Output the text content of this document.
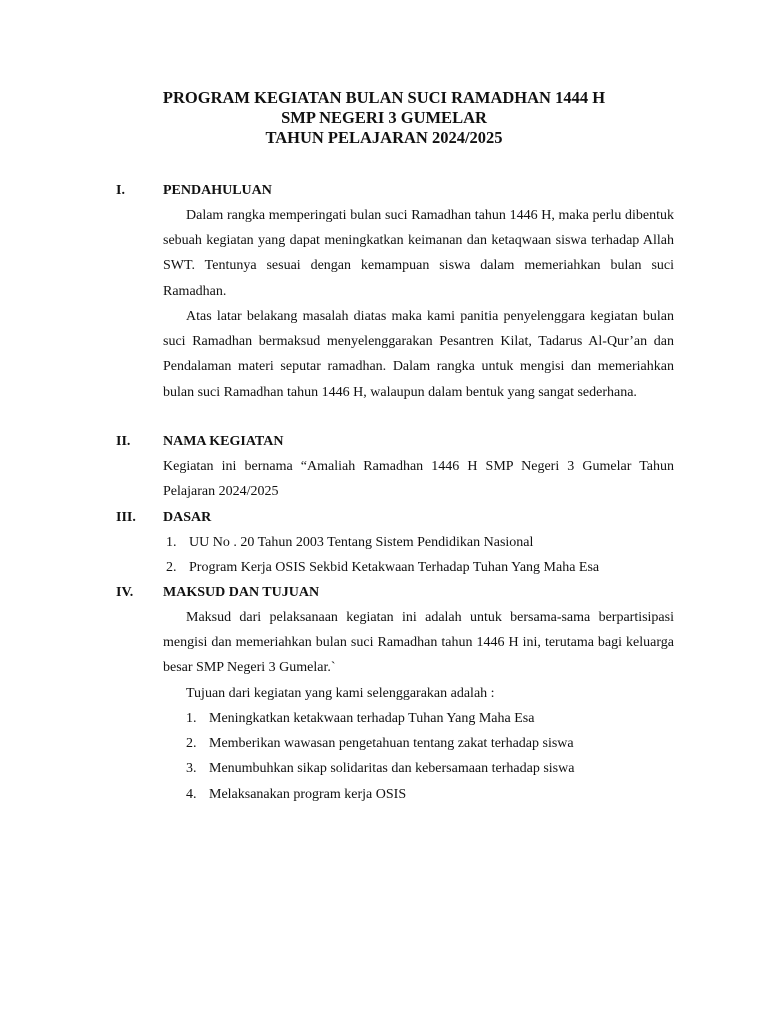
PROGRAM KEGIATAN BULAN SUCI RAMADHAN 1444 H
SMP NEGERI 3 GUMELAR
TAHUN PELAJARAN 2024/2025
I.	PENDAHULUAN

Dalam rangka memperingati bulan suci Ramadhan tahun 1446 H, maka perlu dibentuk sebuah kegiatan yang dapat meningkatkan keimanan dan ketaqwaan siswa terhadap Allah SWT. Tentunya sesuai dengan kemampuan siswa dalam memeriahkan bulan suci Ramadhan.

Atas latar belakang masalah diatas maka kami panitia penyelenggara kegiatan bulan suci Ramadhan bermaksud menyelenggarakan Pesantren Kilat, Tadarus Al-Qur’an dan Pendalaman materi seputar ramadhan. Dalam rangka untuk mengisi dan memeriahkan bulan suci Ramadhan tahun 1446 H, walaupun dalam bentuk yang sangat sederhana.

II. NAMA KEGIATAN

Kegiatan ini bernama “Amaliah Ramadhan 1446 H SMP Negeri 3 Gumelar Tahun Pelajaran 2024/2025

III. DASAR
1. UU No . 20 Tahun 2003 Tentang Sistem Pendidikan Nasional
2. Program Kerja OSIS Sekbid Ketakwaan Terhadap Tuhan Yang Maha Esa
IV. MAKSUD DAN TUJUAN

Maksud dari pelaksanaan kegiatan ini adalah untuk bersama-sama berpartisipasi mengisi dan memeriahkan bulan suci Ramadhan tahun 1446 H ini, terutama bagi keluarga besar SMP Negeri 3 Gumelar.`

Tujuan dari kegiatan yang kami selenggarakan adalah :

1. Meningkatkan ketakwaan terhadap Tuhan Yang Maha Esa
2. Memberikan wawasan pengetahuan tentang zakat terhadap siswa
3. Menumbuhkan sikap solidaritas dan kebersamaan terhadap siswa
4. Melaksanakan program kerja OSIS
